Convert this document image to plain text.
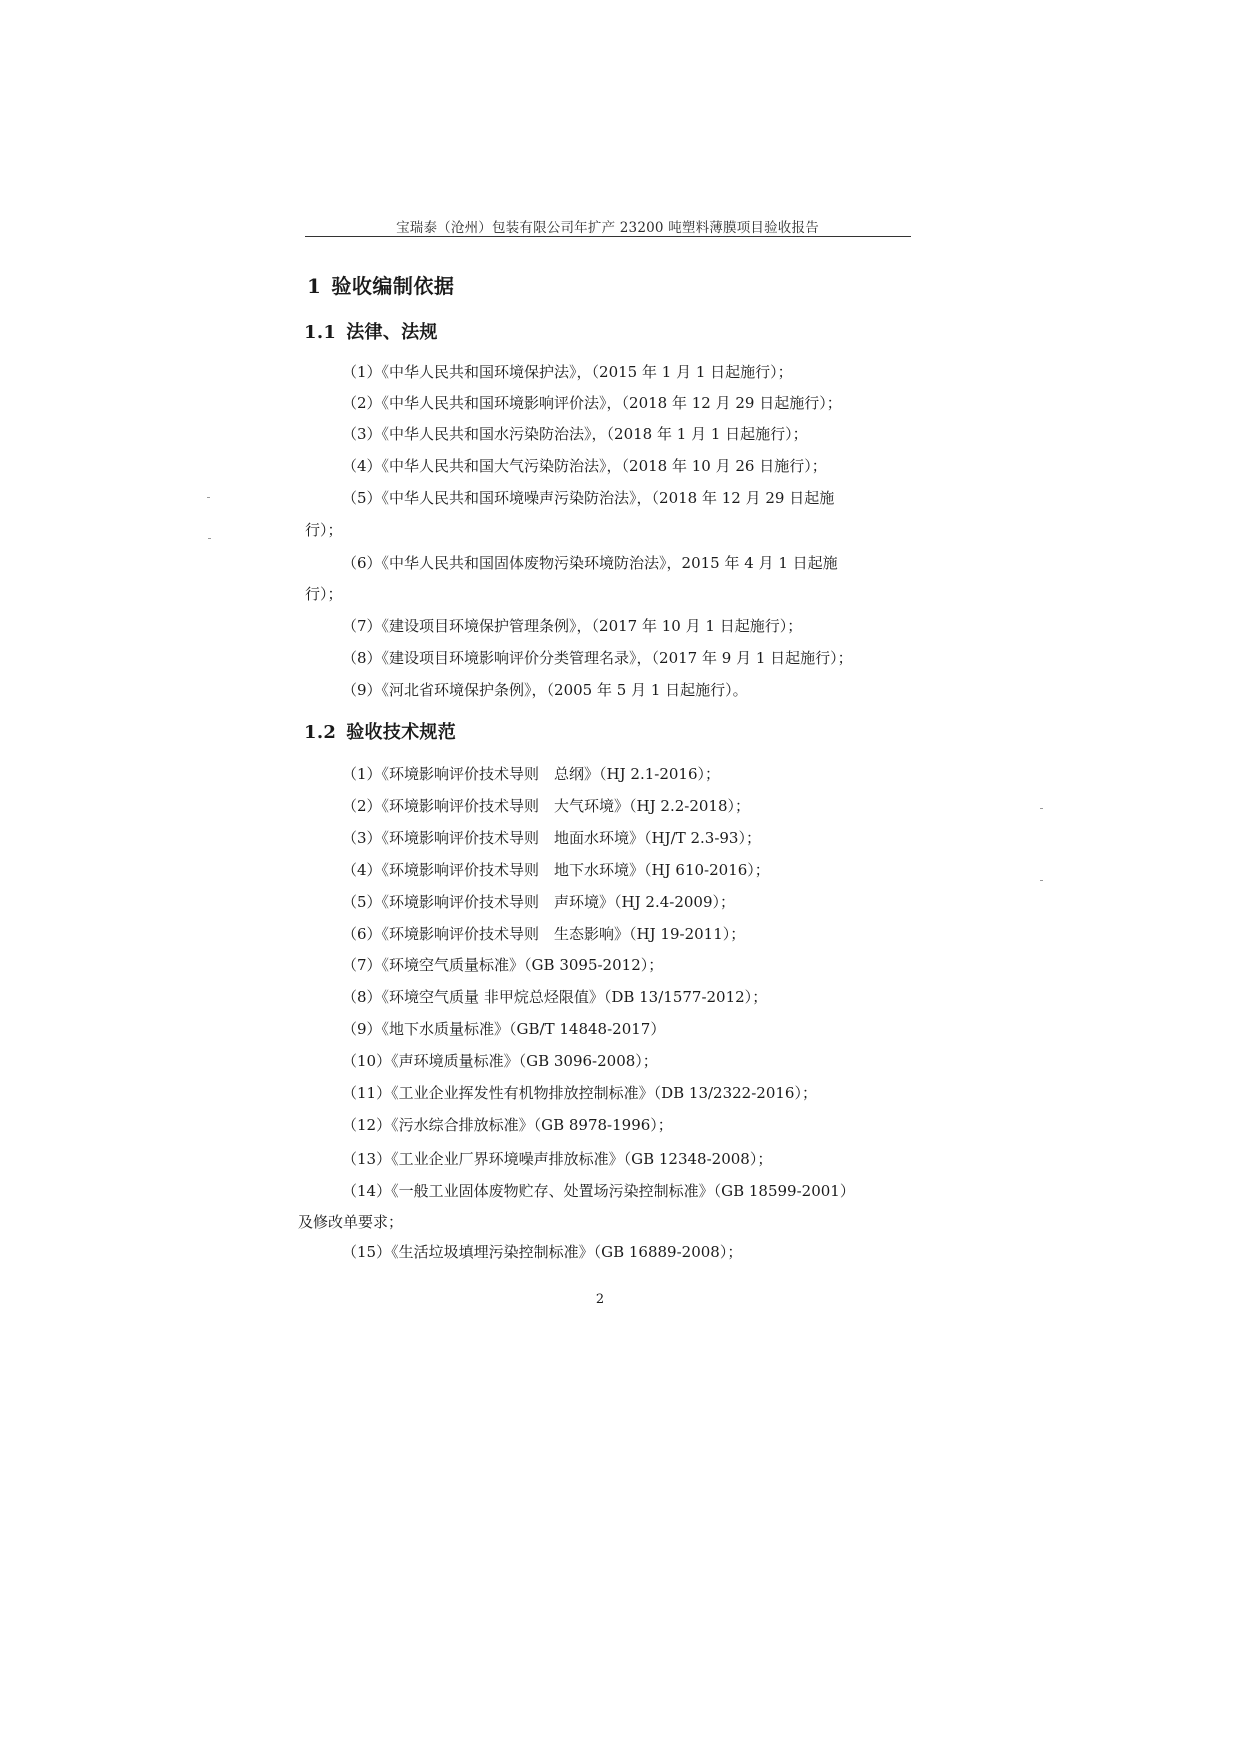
宝瑞泰（沧州）包装有限公司年扩产 23200 吨塑料薄膜项目验收报告
1 验收编制依据
1.1 法律、法规
（1）《中华人民共和国环境保护法》，（2015 年 1 月 1 日起施行）；
（2）《中华人民共和国环境影响评价法》，（2018 年 12 月 29 日起施行）；
（3）《中华人民共和国水污染防治法》，（2018 年 1 月 1 日起施行）；
（4）《中华人民共和国大气污染防治法》，（2018 年 10 月 26 日施行）；
（5）《中华人民共和国环境噪声污染防治法》，（2018 年 12 月 29 日起施
行）；
（6）《中华人民共和国固体废物污染环境防治法》，2015 年 4 月 1 日起施
行）；
（7）《建设项目环境保护管理条例》，（2017 年 10 月 1 日起施行）；
（8）《建设项目环境影响评价分类管理名录》，（2017 年 9 月 1 日起施行）；
（9）《河北省环境保护条例》，（2005 年 5 月 1 日起施行）。
1.2 验收技术规范
（1）《环境影响评价技术导则　总纲》（HJ 2.1-2016）；
（2）《环境影响评价技术导则　大气环境》（HJ 2.2-2018）；
（3）《环境影响评价技术导则　地面水环境》（HJ/T 2.3-93）；
（4）《环境影响评价技术导则　地下水环境》（HJ 610-2016）；
（5）《环境影响评价技术导则　声环境》（HJ 2.4-2009）；
（6）《环境影响评价技术导则　生态影响》（HJ 19-2011）；
（7）《环境空气质量标准》（GB 3095-2012）；
（8）《环境空气质量 非甲烷总烃限值》（DB 13/1577-2012）；
（9）《地下水质量标准》（GB/T 14848-2017）
（10）《声环境质量标准》（GB 3096-2008）；
（11）《工业企业挥发性有机物排放控制标准》（DB 13/2322-2016）；
（12）《污水综合排放标准》（GB 8978-1996）；
（13）《工业企业厂界环境噪声排放标准》（GB 12348-2008）；
（14）《一般工业固体废物贮存、处置场污染控制标准》（GB 18599-2001）
及修改单要求；
（15）《生活垃圾填埋污染控制标准》（GB 16889-2008）；
2
